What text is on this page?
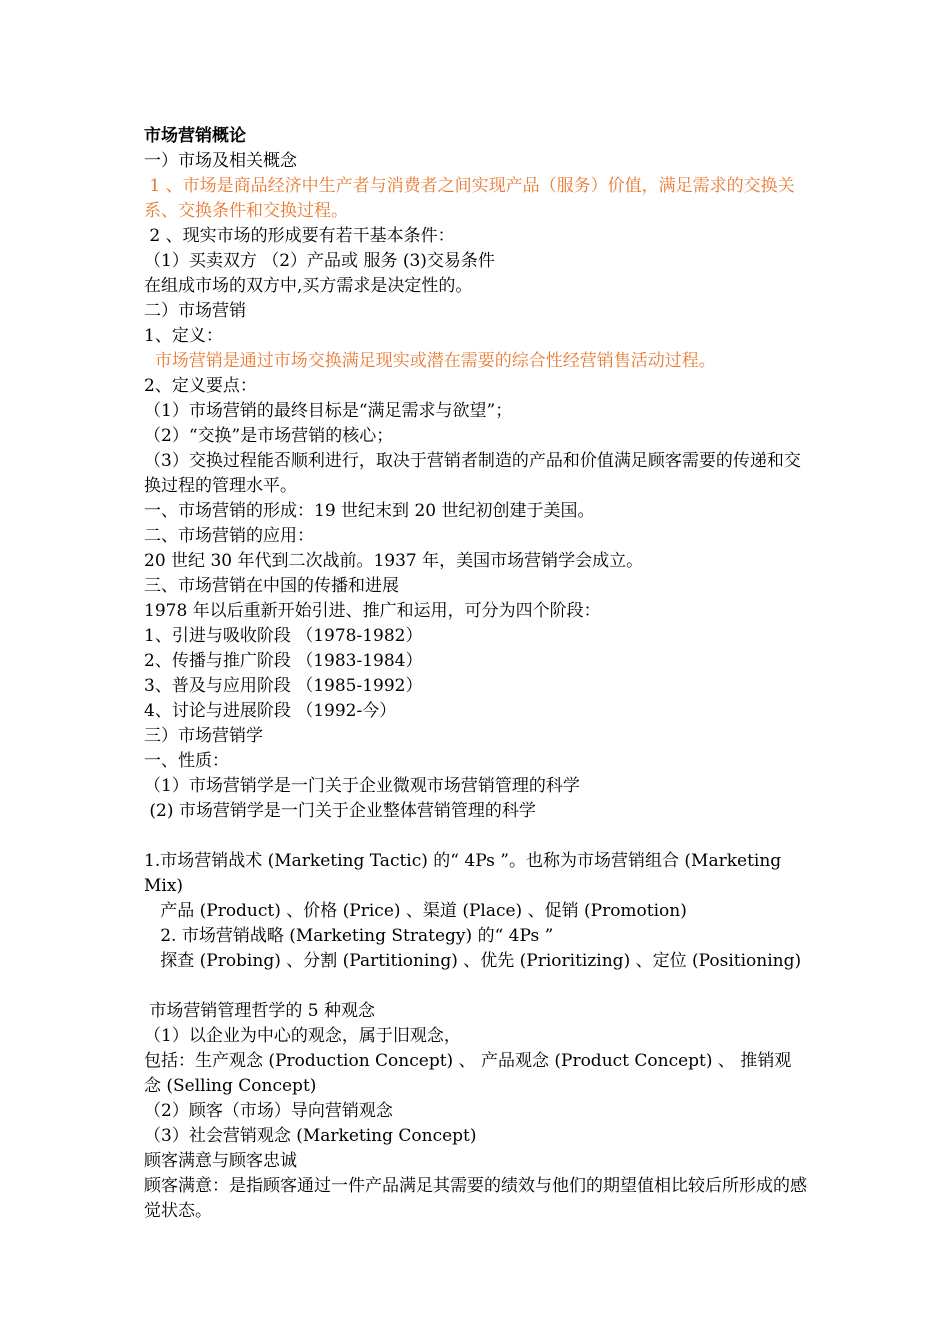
市场营销概论
一）市场及相关概念
1 、市场是商品经济中生产者与消费者之间实现产品（服务）价值，满足需求的交换关系、交换条件和交换过程。
2 、现实市场的形成要有若干基本条件：
（1）买卖双方 （2）产品或 服务 (3)交易条件
在组成市场的双方中,买方需求是决定性的。
二）市场营销
1、定义：
市场营销是通过市场交换满足现实或潜在需要的综合性经营销售活动过程。
2、定义要点：
（1）市场营销的最终目标是“满足需求与欲望”；
（2）“交换”是市场营销的核心；
（3）交换过程能否顺利进行，取决于营销者制造的产品和价值满足顾客需要的传递和交换过程的管理水平。
一、市场营销的形成：19 世纪末到 20 世纪初创建于美国。
二、市场营销的应用：
20 世纪 30 年代到二次战前。1937 年，美国市场营销学会成立。
三、市场营销在中国的传播和进展
1978 年以后重新开始引进、推广和运用，可分为四个阶段：
1、引进与吸收阶段 （1978-1982）
2、传播与推广阶段 （1983-1984）
3、普及与应用阶段 （1985-1992）
4、讨论与进展阶段 （1992-今）
三）市场营销学
一、性质：
（1）市场营销学是一门关于企业微观市场营销管理的科学
(2) 市场营销学是一门关于企业整体营销管理的科学
1.市场营销战术 (Marketing Tactic) 的“ 4Ps ”。也称为市场营销组合 (Marketing Mix)
产品 (Product) 、价格 (Price) 、渠道 (Place) 、促销 (Promotion)
2. 市场营销战略 (Marketing Strategy) 的“ 4Ps ”
探查 (Probing) 、分割 (Partitioning) 、优先 (Prioritizing) 、定位 (Positioning)
市场营销管理哲学的 5 种观念
（1）以企业为中心的观念，属于旧观念，
包括：生产观念 (Production Concept) 、 产品观念 (Product Concept) 、 推销观念 (Selling Concept)
（2）顾客（市场）导向营销观念
（3）社会营销观念 (Marketing Concept)
顾客满意与顾客忠诚
顾客满意：是指顾客通过一件产品满足其需要的绩效与他们的期望值相比较后所形成的感觉状态。
